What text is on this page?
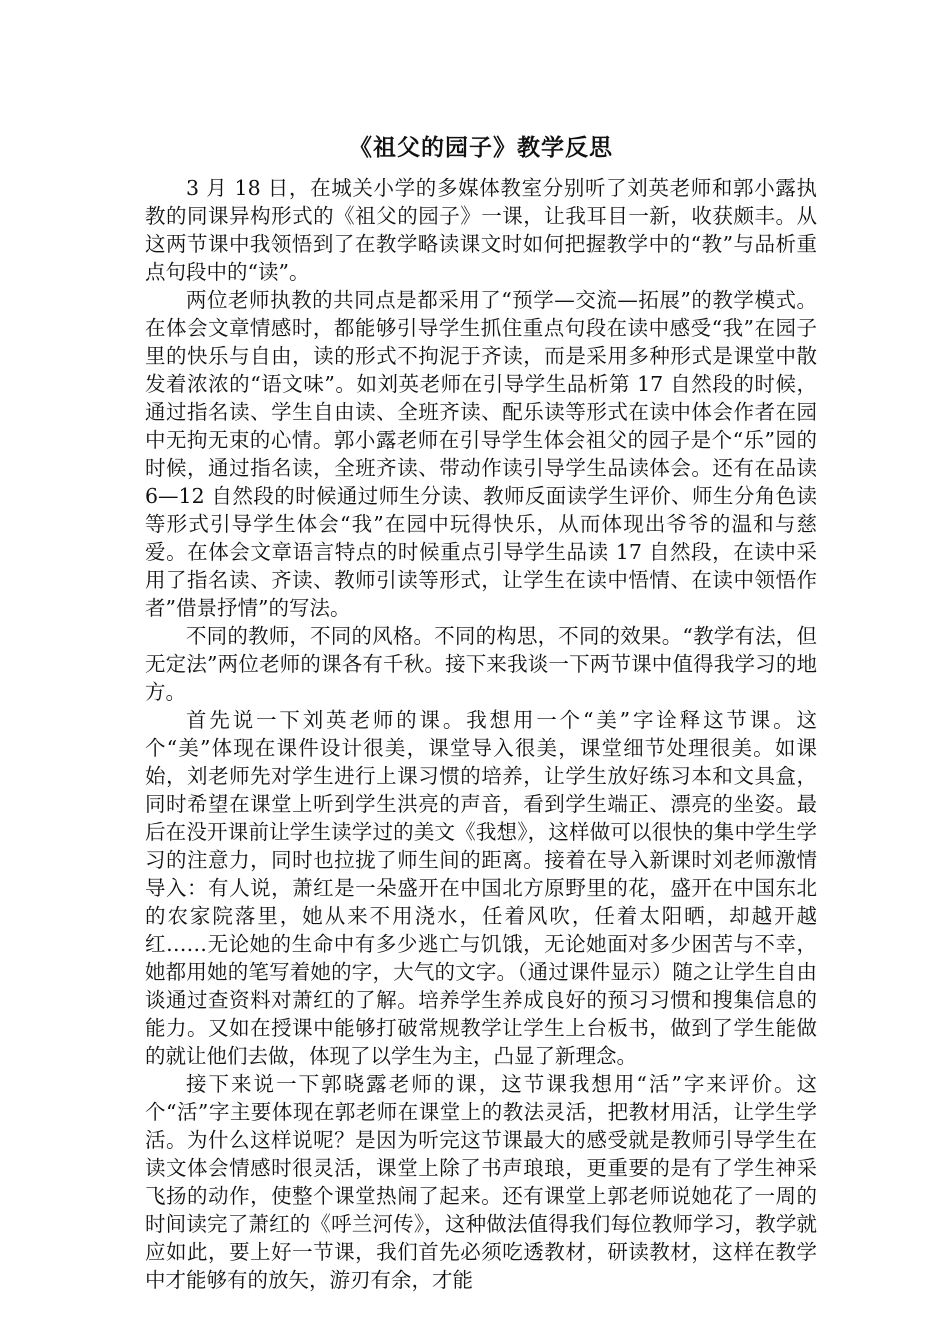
《祖父的园子》教学反思

3 月 18 日，在城关小学的多媒体教室分别听了刘英老师和郭小露执教的同课异构形式的《祖父的园子》一课，让我耳目一新，收获颇丰。从这两节课中我领悟到了在教学略读课文时如何把握教学中的“教”与品析重点句段中的“读”。

两位老师执教的共同点是都采用了“预学—交流—拓展”的教学模式。在体会文章情感时，都能够引导学生抓住重点句段在读中感受“我”在园子里的快乐与自由，读的形式不拘泥于齐读，而是采用多种形式是课堂中散发着浓浓的“语文味”。如刘英老师在引导学生品析第 17 自然段的时候，通过指名读、学生自由读、全班齐读、配乐读等形式在读中体会作者在园中无拘无束的心情。郭小露老师在引导学生体会祖父的园子是个“乐”园的时候，通过指名读，全班齐读、带动作读引导学生品读体会。还有在品读 6—12 自然段的时候通过师生分读、教师反面读学生评价、师生分角色读等形式引导学生体会“我”在园中玩得快乐，从而体现出爷爷的温和与慈爱。在体会文章语言特点的时候重点引导学生品读 17 自然段，在读中采用了指名读、齐读、教师引读等形式，让学生在读中悟情、在读中领悟作者”借景抒情”的写法。

不同的教师，不同的风格。不同的构思，不同的效果。“教学有法，但无定法”两位老师的课各有千秋。接下来我谈一下两节课中值得我学习的地方。

首先说一下刘英老师的课。我想用一个“美”字诠释这节课。这个“美”体现在课件设计很美，课堂导入很美，课堂细节处理很美。如课始，刘老师先对学生进行上课习惯的培养，让学生放好练习本和文具盒，同时希望在课堂上听到学生洪亮的声音，看到学生端正、漂亮的坐姿。最后在没开课前让学生读学过的美文《我想》，这样做可以很快的集中学生学习的注意力，同时也拉拢了师生间的距离。接着在导入新课时刘老师激情导入：有人说，萧红是一朵盛开在中国北方原野里的花，盛开在中国东北的农家院落里，她从来不用浇水，任着风吹，任着太阳晒，却越开越红……无论她的生命中有多少逃亡与饥饿，无论她面对多少困苦与不幸，她都用她的笔写着她的字，大气的文字。（通过课件显示）随之让学生自由谈通过查资料对萧红的了解。培养学生养成良好的预习习惯和搜集信息的能力。又如在授课中能够打破常规教学让学生上台板书，做到了学生能做的就让他们去做，体现了以学生为主，凸显了新理念。

接下来说一下郭晓露老师的课，这节课我想用“活”字来评价。这个“活”字主要体现在郭老师在课堂上的教法灵活，把教材用活，让学生学活。为什么这样说呢？是因为听完这节课最大的感受就是教师引导学生在读文体会情感时很灵活，课堂上除了书声琅琅，更重要的是有了学生神采飞扬的动作，使整个课堂热闹了起来。还有课堂上郭老师说她花了一周的时间读完了萧红的《呼兰河传》，这种做法值得我们每位教师学习，教学就应如此，要上好一节课，我们首先必须吃透教材，研读教材，这样在教学中才能够有的放矢，游刃有余，才能
